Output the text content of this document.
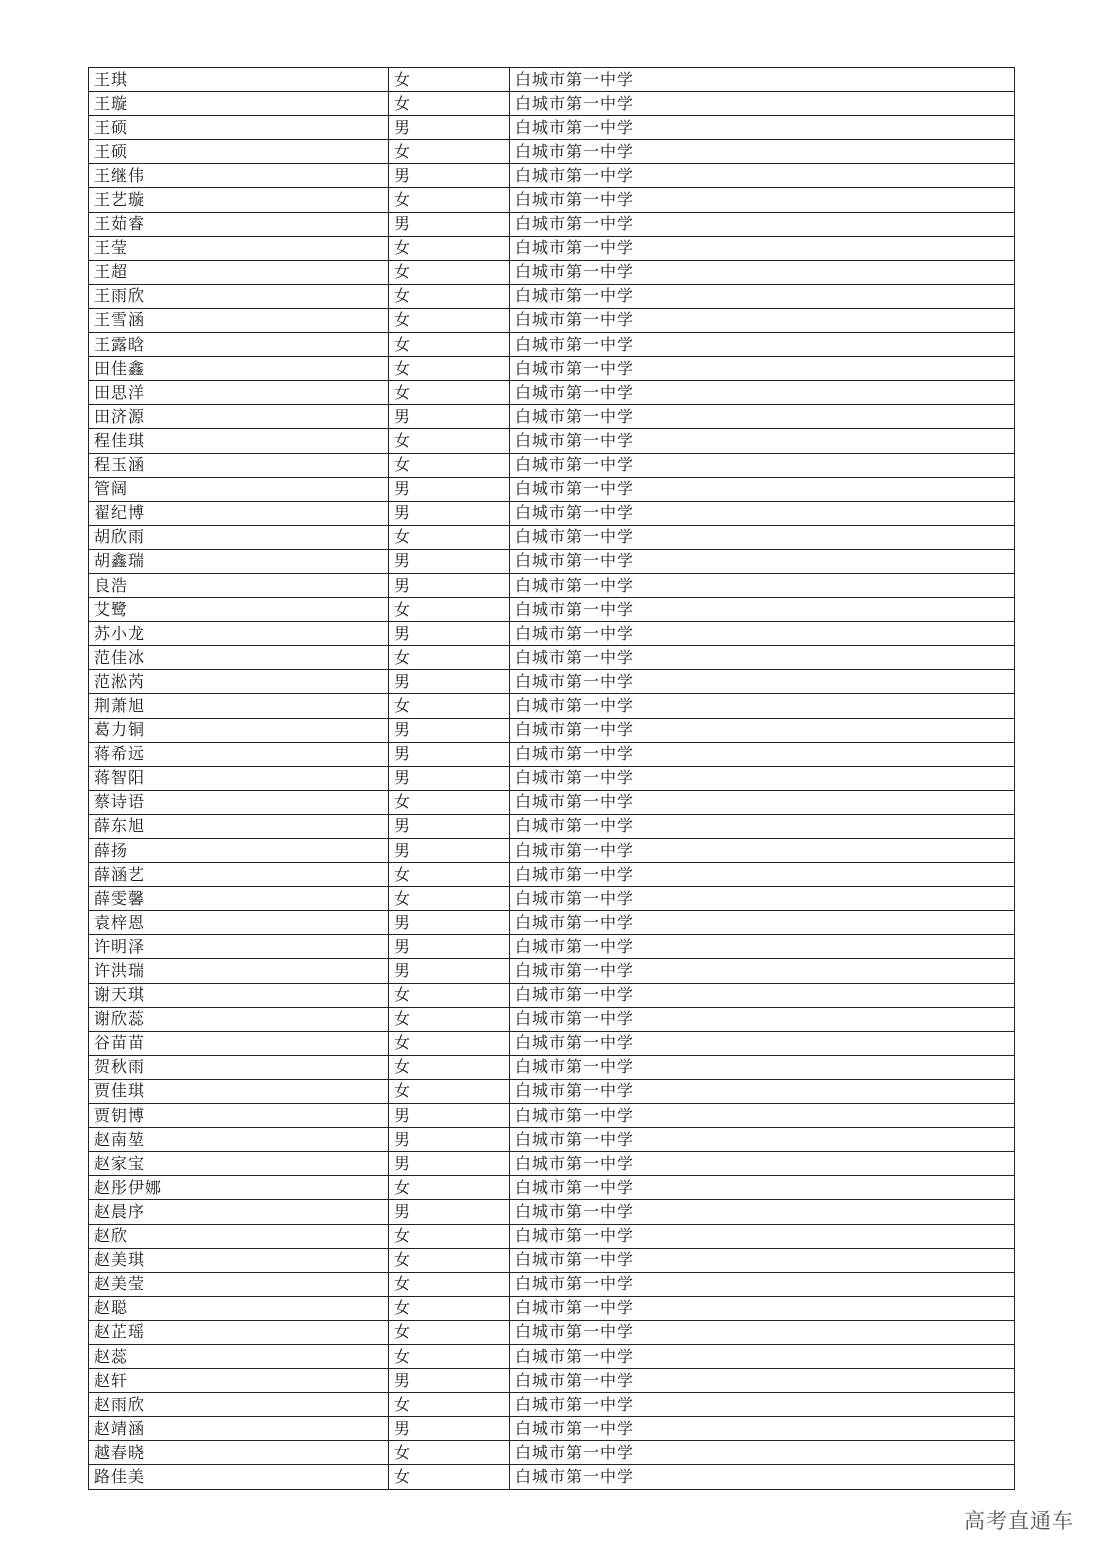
王琪	女	白城市第一中学
王璇	女	白城市第一中学
王硕	男	白城市第一中学
王硕	女	白城市第一中学
王继伟	男	白城市第一中学
王艺璇	女	白城市第一中学
王茹睿	男	白城市第一中学
王莹	女	白城市第一中学
王超	女	白城市第一中学
王雨欣	女	白城市第一中学
王雪涵	女	白城市第一中学
王露晗	女	白城市第一中学
田佳鑫	女	白城市第一中学
田思洋	女	白城市第一中学
田济源	男	白城市第一中学
程佳琪	女	白城市第一中学
程玉涵	女	白城市第一中学
管阔	男	白城市第一中学
翟纪博	男	白城市第一中学
胡欣雨	女	白城市第一中学
胡鑫瑞	男	白城市第一中学
良浩	男	白城市第一中学
艾鹭	女	白城市第一中学
苏小龙	男	白城市第一中学
范佳冰	女	白城市第一中学
范淞芮	男	白城市第一中学
荆萧旭	女	白城市第一中学
葛力铜	男	白城市第一中学
蒋希远	男	白城市第一中学
蒋智阳	男	白城市第一中学
蔡诗语	女	白城市第一中学
薛东旭	男	白城市第一中学
薛扬	男	白城市第一中学
薛涵艺	女	白城市第一中学
薛雯馨	女	白城市第一中学
袁梓恩	男	白城市第一中学
许明泽	男	白城市第一中学
许洪瑞	男	白城市第一中学
谢天琪	女	白城市第一中学
谢欣蕊	女	白城市第一中学
谷苗苗	女	白城市第一中学
贺秋雨	女	白城市第一中学
贾佳琪	女	白城市第一中学
贾钥博	男	白城市第一中学
赵南堃	男	白城市第一中学
赵家宝	男	白城市第一中学
赵彤伊娜	女	白城市第一中学
赵晨序	男	白城市第一中学
赵欣	女	白城市第一中学
赵美琪	女	白城市第一中学
赵美莹	女	白城市第一中学
赵聪	女	白城市第一中学
赵芷瑶	女	白城市第一中学
赵蕊	女	白城市第一中学
赵轩	男	白城市第一中学
赵雨欣	女	白城市第一中学
赵靖涵	男	白城市第一中学
越春晓	女	白城市第一中学
路佳美	女	白城市第一中学
高考直通车
